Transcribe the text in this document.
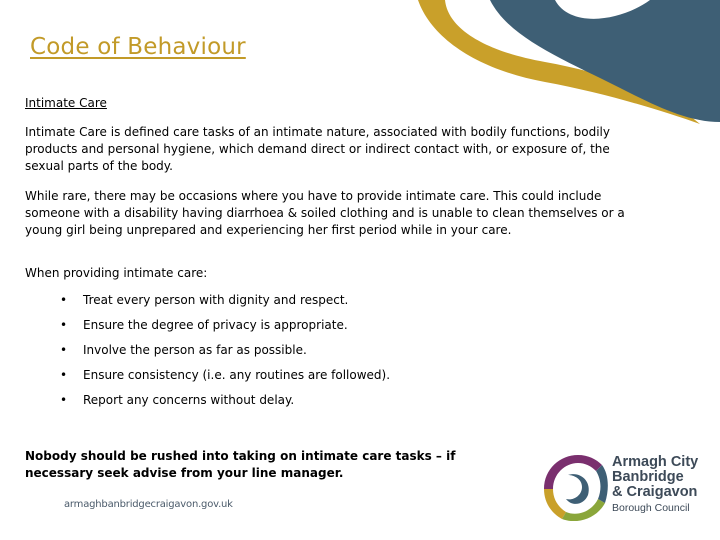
Code of Behaviour
Intimate Care

Intimate Care is defined care tasks of an intimate nature, associated with bodily functions, bodily products and personal hygiene, which demand direct or indirect contact with, or exposure of, the sexual parts of the body.

While rare, there may be occasions where you have to provide intimate care. This could include someone with a disability having diarrhoea & soiled clothing and is unable to clean themselves or a young girl being unprepared and experiencing her first period while in your care.

When providing intimate care:
• Treat every person with dignity and respect.
• Ensure the degree of privacy is appropriate.
• Involve the person as far as possible.
• Ensure consistency (i.e. any routines are followed).
• Report any concerns without delay.

Nobody should be rushed into taking on intimate care tasks – if necessary seek advise from your line manager.

armaghbanbridgecraigavon.gov.uk
Armagh City
Banbridge
& Craigavon
Borough Council
